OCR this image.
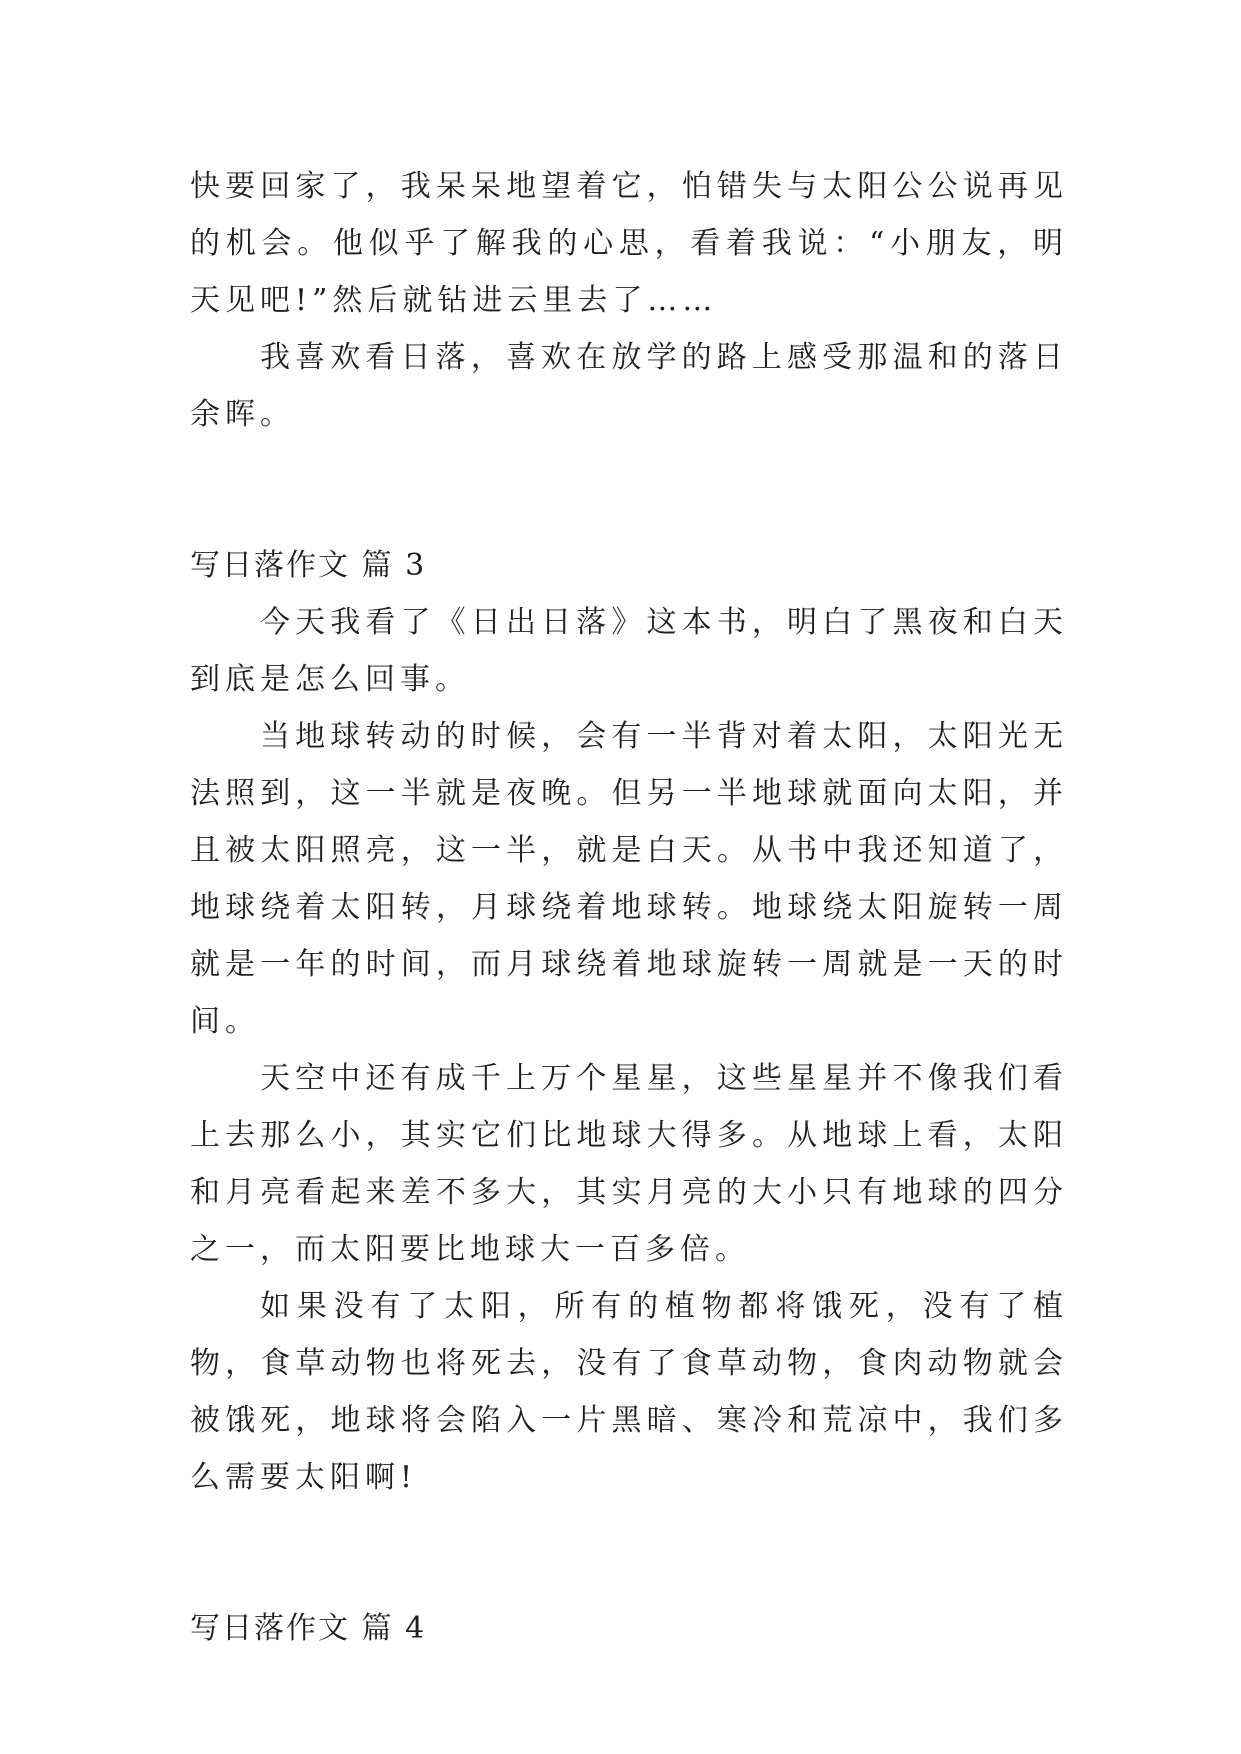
快要回家了，我呆呆地望着它，怕错失与太阳公公说再见的机会。他似乎了解我的心思，看着我说：“小朋友，明天见吧!”然后就钻进云里去了……

我喜欢看日落，喜欢在放学的路上感受那温和的落日余晖。

写日落作文 篇 3

今天我看了《日出日落》这本书，明白了黑夜和白天到底是怎么回事。

当地球转动的时候，会有一半背对着太阳，太阳光无法照到，这一半就是夜晚。但另一半地球就面向太阳，并且被太阳照亮，这一半，就是白天。从书中我还知道了，地球绕着太阳转，月球绕着地球转。地球绕太阳旋转一周就是一年的时间，而月球绕着地球旋转一周就是一天的时间。

天空中还有成千上万个星星，这些星星并不像我们看上去那么小，其实它们比地球大得多。从地球上看，太阳和月亮看起来差不多大，其实月亮的大小只有地球的四分之一，而太阳要比地球大一百多倍。

如果没有了太阳，所有的植物都将饿死，没有了植物，食草动物也将死去，没有了食草动物，食肉动物就会被饿死，地球将会陷入一片黑暗、寒冷和荒凉中，我们多么需要太阳啊!

写日落作文 篇 4
